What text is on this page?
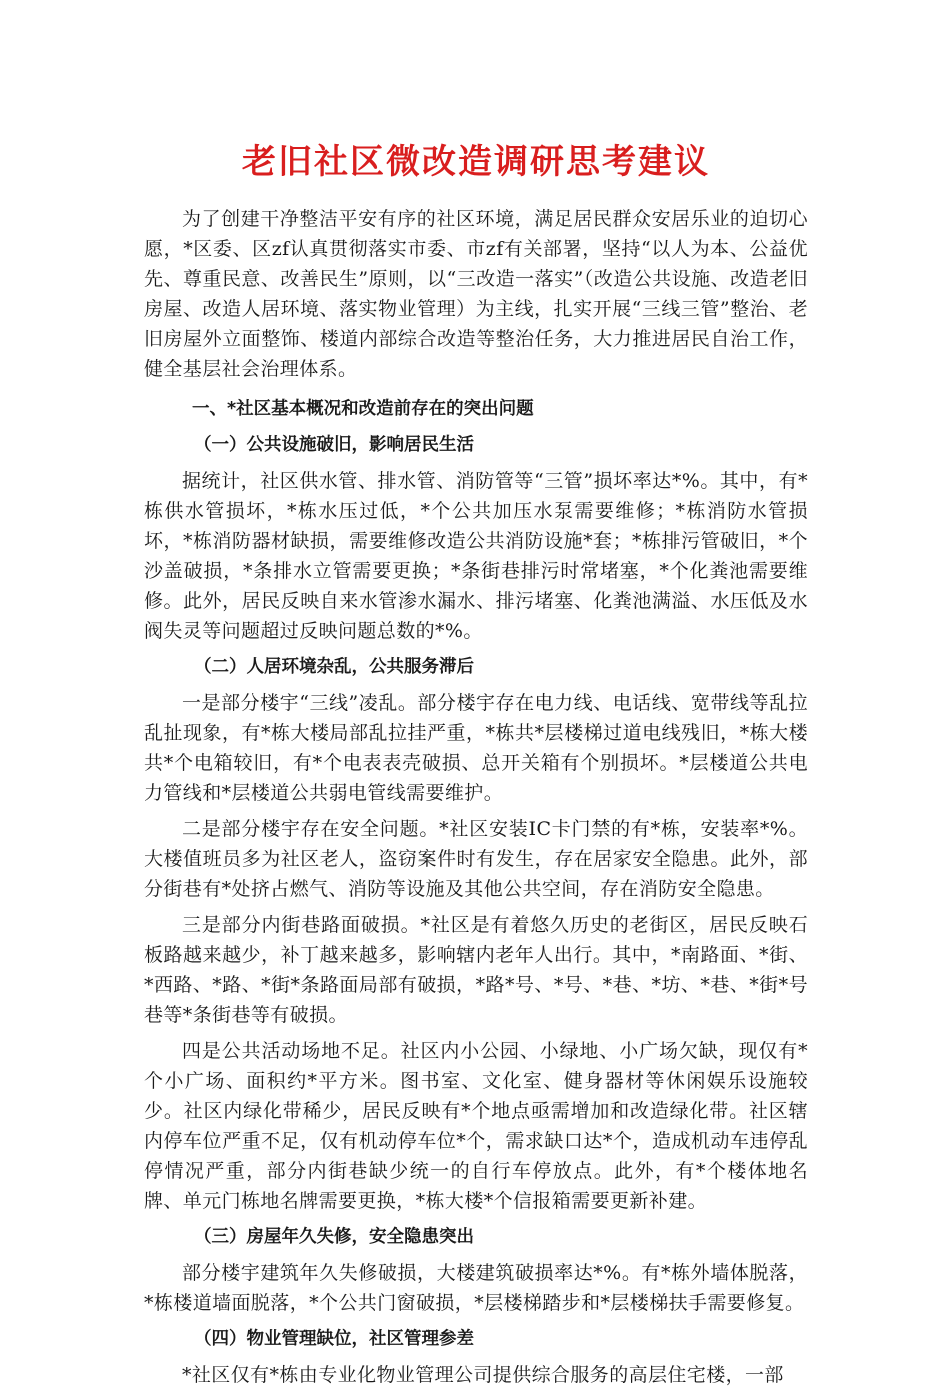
老旧社区微改造调研思考建议

为了创建干净整洁平安有序的社区环境，满足居民群众安居乐业的迫切心愿，*区委、区zf认真贯彻落实市委、市zf有关部署，坚持“以人为本、公益优先、尊重民意、改善民生”原则，以“三改造一落实”（改造公共设施、改造老旧房屋、改造人居环境、落实物业管理）为主线，扎实开展“三线三管”整治、老旧房屋外立面整饰、楼道内部综合改造等整治任务，大力推进居民自治工作，健全基层社会治理体系。

一、*社区基本概况和改造前存在的突出问题
（一）公共设施破旧，影响居民生活

据统计，社区供水管、排水管、消防管等“三管”损坏率达*%。其中，有*栋供水管损坏，*栋水压过低，*个公共加压水泵需要维修；*栋消防水管损坏，*栋消防器材缺损，需要维修改造公共消防设施*套；*栋排污管破旧，*个沙盖破损，*条排水立管需要更换；*条街巷排污时常堵塞，*个化粪池需要维修。此外，居民反映自来水管渗水漏水、排污堵塞、化粪池满溢、水压低及水阀失灵等问题超过反映问题总数的*%。

（二）人居环境杂乱，公共服务滞后

一是部分楼宇“三线”凌乱。部分楼宇存在电力线、电话线、宽带线等乱拉乱扯现象，有*栋大楼局部乱拉挂严重，*栋共*层楼梯过道电线残旧，*栋大楼共*个电箱较旧，有*个电表表壳破损、总开关箱有个别损坏。*层楼道公共电力管线和*层楼道公共弱电管线需要维护。

二是部分楼宇存在安全问题。*社区安装IC卡门禁的有*栋，安装率*%。大楼值班员多为社区老人，盗窃案件时有发生，存在居家安全隐患。此外，部分街巷有*处挤占燃气、消防等设施及其他公共空间，存在消防安全隐患。

三是部分内街巷路面破损。*社区是有着悠久历史的老街区，居民反映石板路越来越少，补丁越来越多，影响辖内老年人出行。其中，*南路面、*街、*西路、*路、*街*条路面局部有破损，*路*号、*号、*巷、*坊、*巷、*街*号巷等*条街巷等有破损。

四是公共活动场地不足。社区内小公园、小绿地、小广场欠缺，现仅有*个小广场、面积约*平方米。图书室、文化室、健身器材等休闲娱乐设施较少。社区内绿化带稀少，居民反映有*个地点亟需增加和改造绿化带。社区辖内停车位严重不足，仅有机动停车位*个，需求缺口达*个，造成机动车违停乱停情况严重，部分内街巷缺少统一的自行车停放点。此外，有*个楼体地名牌、单元门栋地名牌需要更换，*栋大楼*个信报箱需要更新补建。

（三）房屋年久失修，安全隐患突出

部分楼宇建筑年久失修破损，大楼建筑破损率达*%。有*栋外墙体脱落，*栋楼道墙面脱落，*个公共门窗破损，*层楼梯踏步和*层楼梯扶手需要修复。

（四）物业管理缺位，社区管理参差

*社区仅有*栋由专业化物业管理公司提供综合服务的高层住宅楼，一部
